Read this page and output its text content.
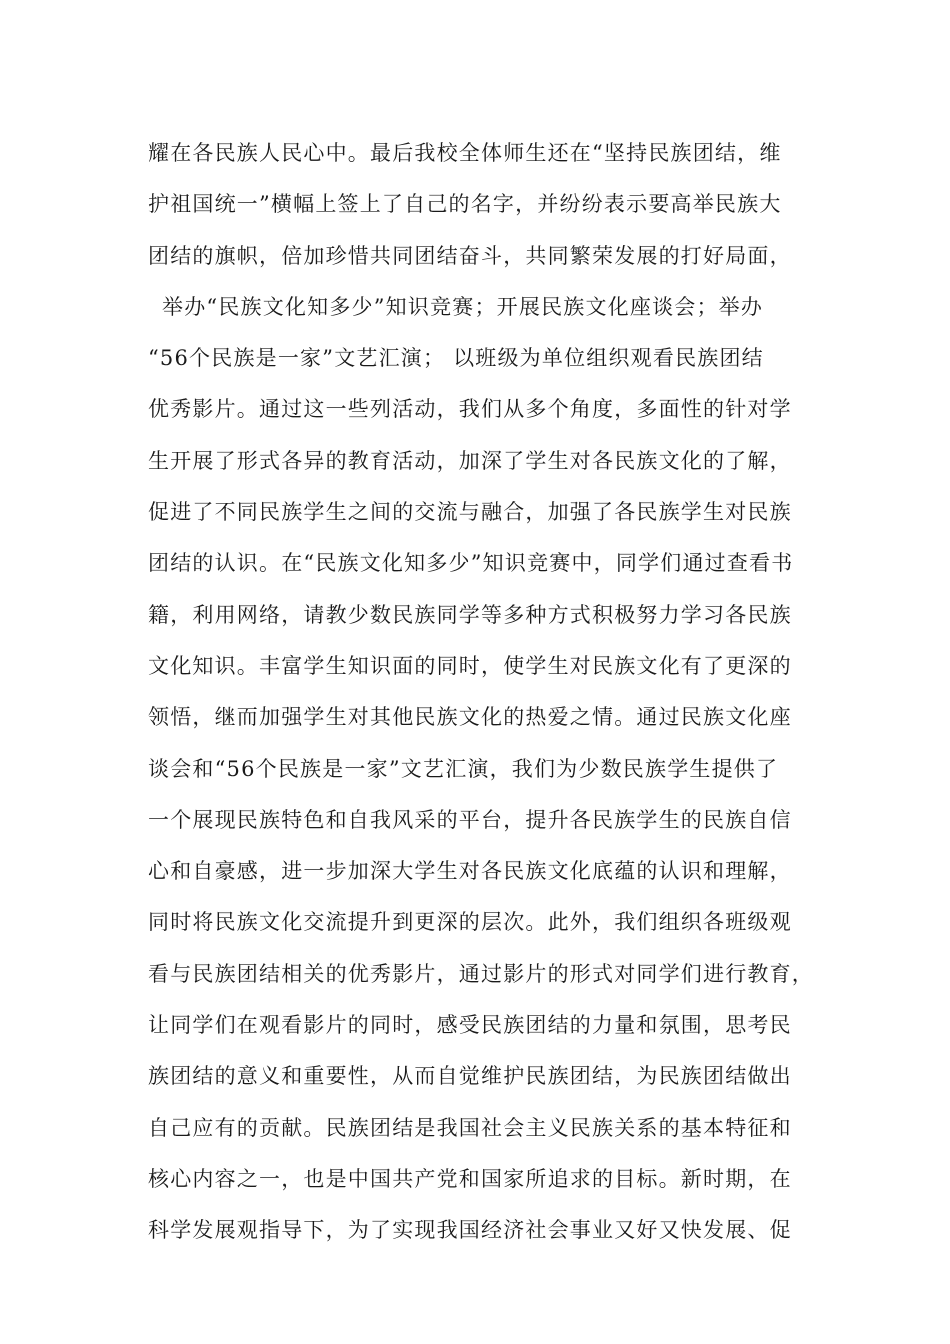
耀在各民族人民心中。最后我校全体师生还在“坚持民族团结，维
护祖国统一”横幅上签上了自己的名字，并纷纷表示要高举民族大
团结的旗帜，倍加珍惜共同团结奋斗，共同繁荣发展的打好局面，
举办“民族文化知多少”知识竞赛；开展民族文化座谈会；举办
“56个民族是一家”文艺汇演； 以班级为单位组织观看民族团结
优秀影片。通过这一些列活动，我们从多个角度，多面性的针对学
生开展了形式各异的教育活动，加深了学生对各民族文化的了解，
促进了不同民族学生之间的交流与融合，加强了各民族学生对民族
团结的认识。在“民族文化知多少”知识竞赛中，同学们通过查看书
籍，利用网络，请教少数民族同学等多种方式积极努力学习各民族
文化知识。丰富学生知识面的同时，使学生对民族文化有了更深的
领悟，继而加强学生对其他民族文化的热爱之情。通过民族文化座
谈会和“56个民族是一家”文艺汇演，我们为少数民族学生提供了
一个展现民族特色和自我风采的平台，提升各民族学生的民族自信
心和自豪感，进一步加深大学生对各民族文化底蕴的认识和理解，
同时将民族文化交流提升到更深的层次。此外，我们组织各班级观
看与民族团结相关的优秀影片，通过影片的形式对同学们进行教育，
让同学们在观看影片的同时，感受民族团结的力量和氛围，思考民
族团结的意义和重要性，从而自觉维护民族团结，为民族团结做出
自己应有的贡献。民族团结是我国社会主义民族关系的基本特征和
核心内容之一，也是中国共产党和国家所追求的目标。新时期，在
科学发展观指导下，为了实现我国经济社会事业又好又快发展、促
